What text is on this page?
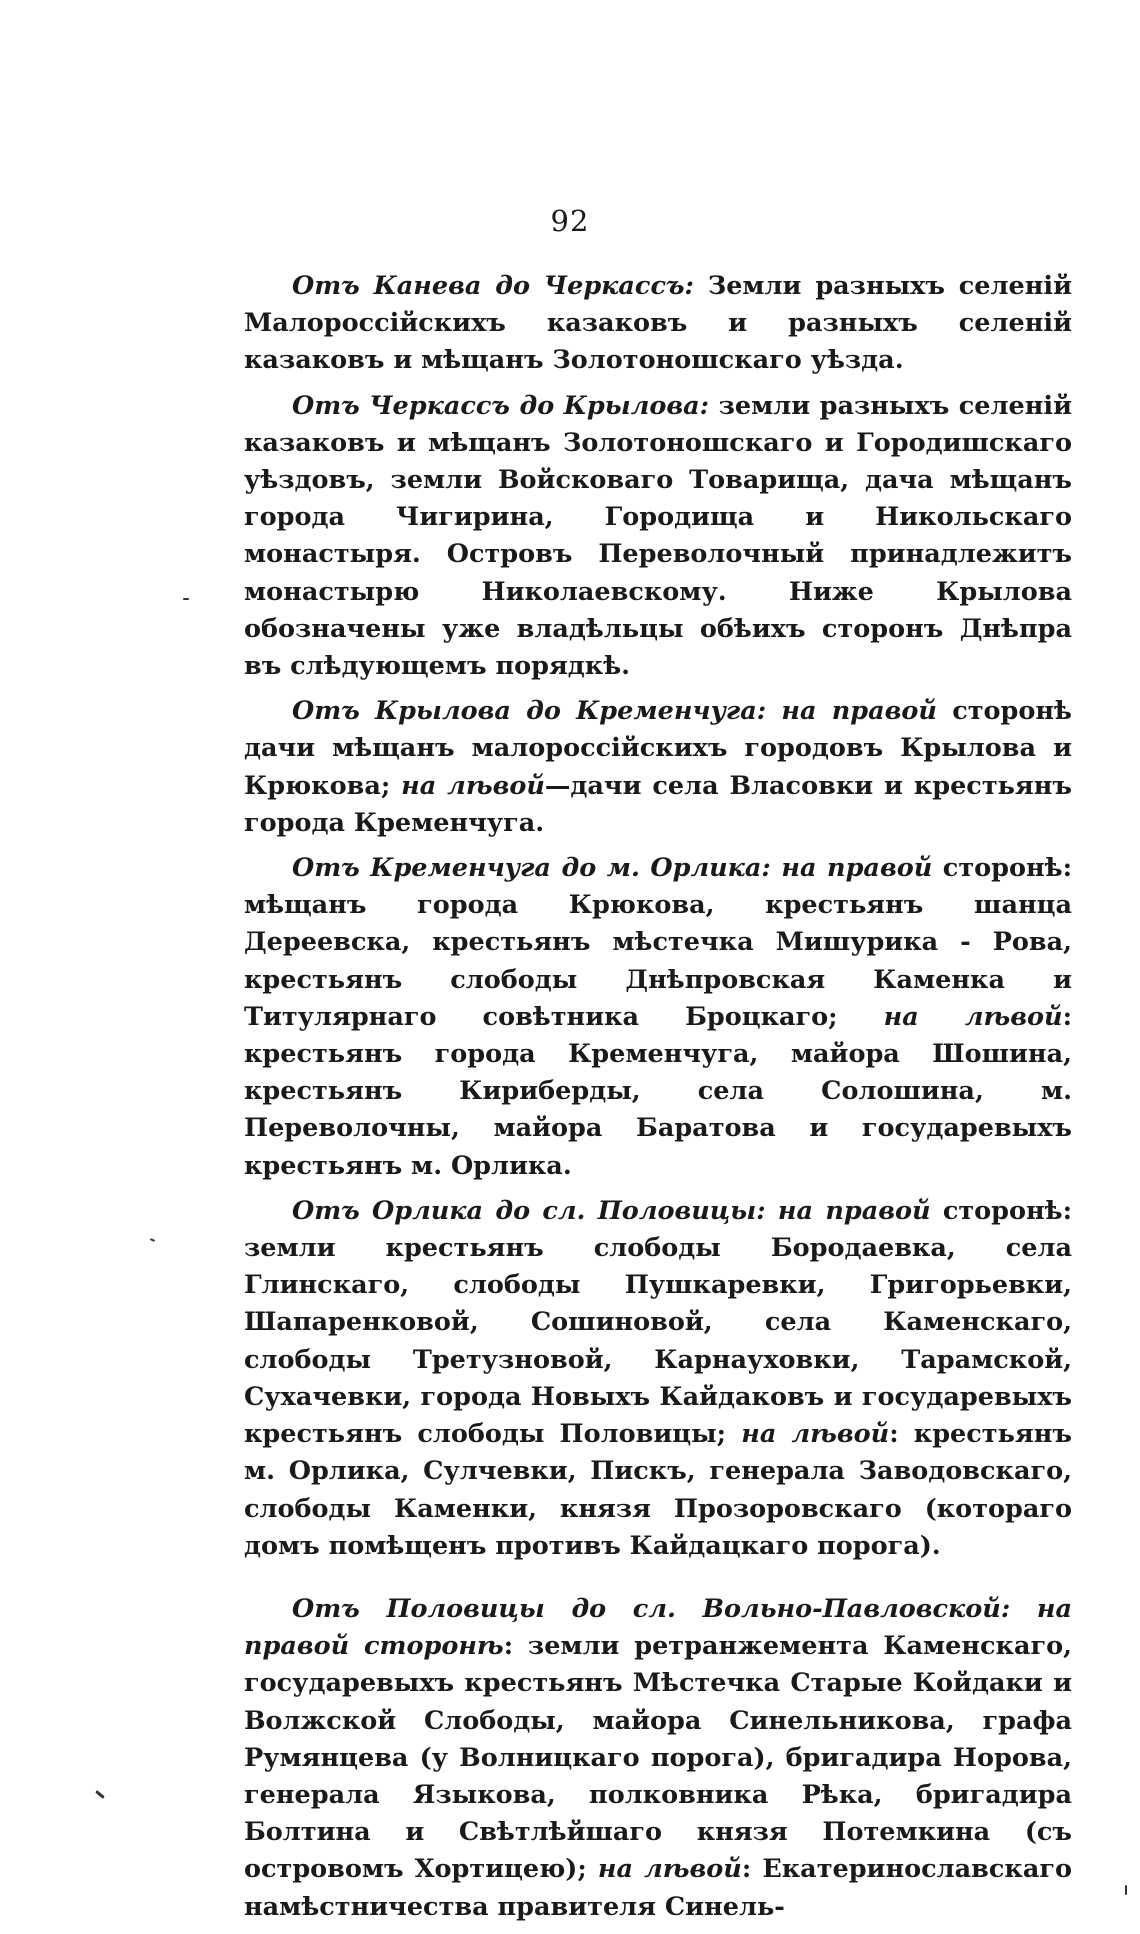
92

Отъ Канева до Черкассъ: Земли разныхъ селеній Малороссійскихъ казаковъ и разныхъ селеній казаковъ и мѣщанъ Золотоношскаго уѣзда.

Отъ Черкассъ до Крылова: земли разныхъ селеній казаковъ и мѣщанъ Золотоношскаго и Городишскаго уѣздовъ, земли Войсковаго Товарища, дача мѣщанъ города Чигирина, Городища и Никольскаго монастыря. Островъ Переволочный принадлежитъ монастырю Николаевскому. Ниже Крылова обозначены уже владѣльцы обѣихъ сторонъ Днѣпра въ слѣдующемъ порядкѣ.

Отъ Крылова до Кременчуга: на правой сторонѣ дачи мѣщанъ малороссійскихъ городовъ Крылова и Крюкова; на лѣвой—дачи села Власовки и крестьянъ города Кременчуга.

Отъ Кременчуга до м. Орлика: на правой сторонѣ: мѣщанъ города Крюкова, крестьянъ шанца Дереевска, крестьянъ мѣстечка Мишурика - Рова, крестьянъ слободы Днѣпровская Каменка и Титулярнаго совѣтника Броцкаго; на лѣвой: крестьянъ города Кременчуга, майора Шошина, крестьянъ Кириберды, села Солошина, м. Переволочны, майора Баратова и государевыхъ крестьянъ м. Орлика.

Отъ Орлика до сл. Половицы: на правой сторонѣ: земли крестьянъ слободы Бородаевка, села Глинскаго, слободы Пушкаревки, Григорьевки, Шапаренковой, Сошиновой, села Каменскаго, слободы Третузновой, Карнауховки, Тарамской, Сухачевки, города Новыхъ Кайдаковъ и государевыхъ крестьянъ слободы Половицы; на лѣвой: крестьянъ м. Орлика, Сулчевки, Пискъ, генерала Заводовскаго, слободы Каменки, князя Прозоровскаго (котораго домъ помѣщенъ противъ Кайдацкаго порога).

Отъ Половицы до сл. Вольно-Павловской: на правой сторонѣ: земли ретранжемента Каменскаго, государевыхъ крестьянъ Мѣстечка Старые Койдаки и Волжской Слободы, майора Синельникова, графа Румянцева (у Волницкаго порога), бригадира Норова, генерала Языкова, полковника Рѣка, бригадира Болтина и Свѣтлѣйшаго князя Потемкина (съ островомъ Хортицею); на лѣвой: Екатеринославскаго намѣстничества правителя Синель-
